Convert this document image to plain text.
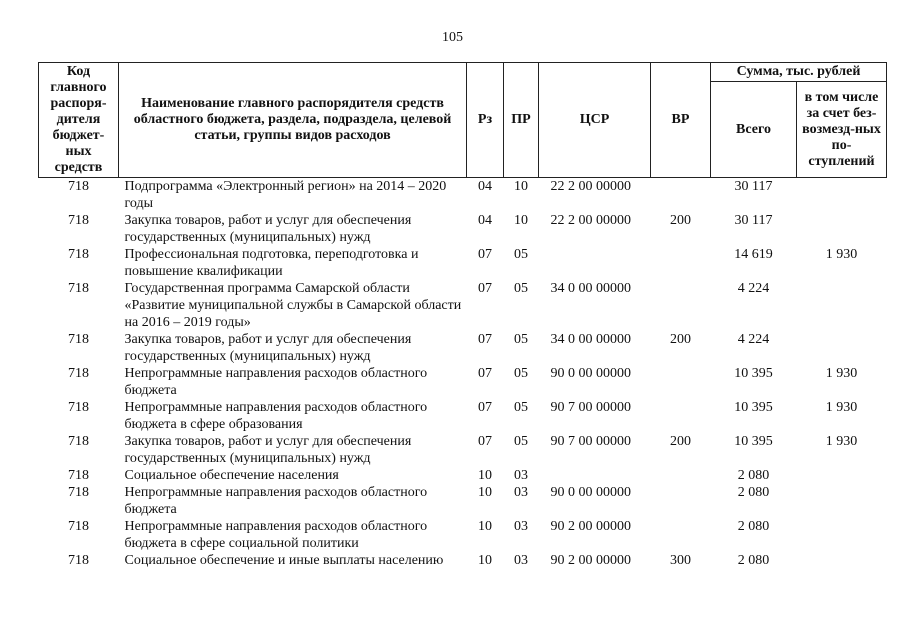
105
Код главного распоря-дителя бюджет-ных средств	Наименование главного распорядителя средств областного бюджета, раздела, подраздела, целевой статьи, группы видов расходов	Рз	ПР	ЦСР	ВР	Сумма, тыс. рублей	
						Всего	в том числе за счет без-возмезд-ных по-ступлений
718	Подпрограмма «Электронный регион» на 2014 – 2020 годы	04	10	22 2 00 00000		30 117	
718	Закупка товаров, работ и услуг для обеспечения государственных (муниципальных) нужд	04	10	22 2 00 00000	200	30 117	
718	Профессиональная подготовка, переподготовка и повышение квалификации	07	05			14 619	1 930
718	Государственная программа Самарской области «Развитие муниципальной службы в Самарской области на 2016 – 2019 годы»	07	05	34 0 00 00000		4 224	
718	Закупка товаров, работ и услуг для обеспечения государственных (муниципальных) нужд	07	05	34 0 00 00000	200	4 224	
718	Непрограммные направления расходов областного бюджета	07	05	90 0 00 00000		10 395	1 930
718	Непрограммные направления расходов областного бюджета в сфере образования	07	05	90 7 00 00000		10 395	1 930
718	Закупка товаров, работ и услуг для обеспечения государственных (муниципальных) нужд	07	05	90 7 00 00000	200	10 395	1 930
718	Социальное обеспечение населения	10	03			2 080	
718	Непрограммные направления расходов областного бюджета	10	03	90 0 00 00000		2 080	
718	Непрограммные направления расходов областного бюджета в сфере социальной политики	10	03	90 2 00 00000		2 080	
718	Социальное обеспечение и иные выплаты населению	10	03	90 2 00 00000	300	2 080	
